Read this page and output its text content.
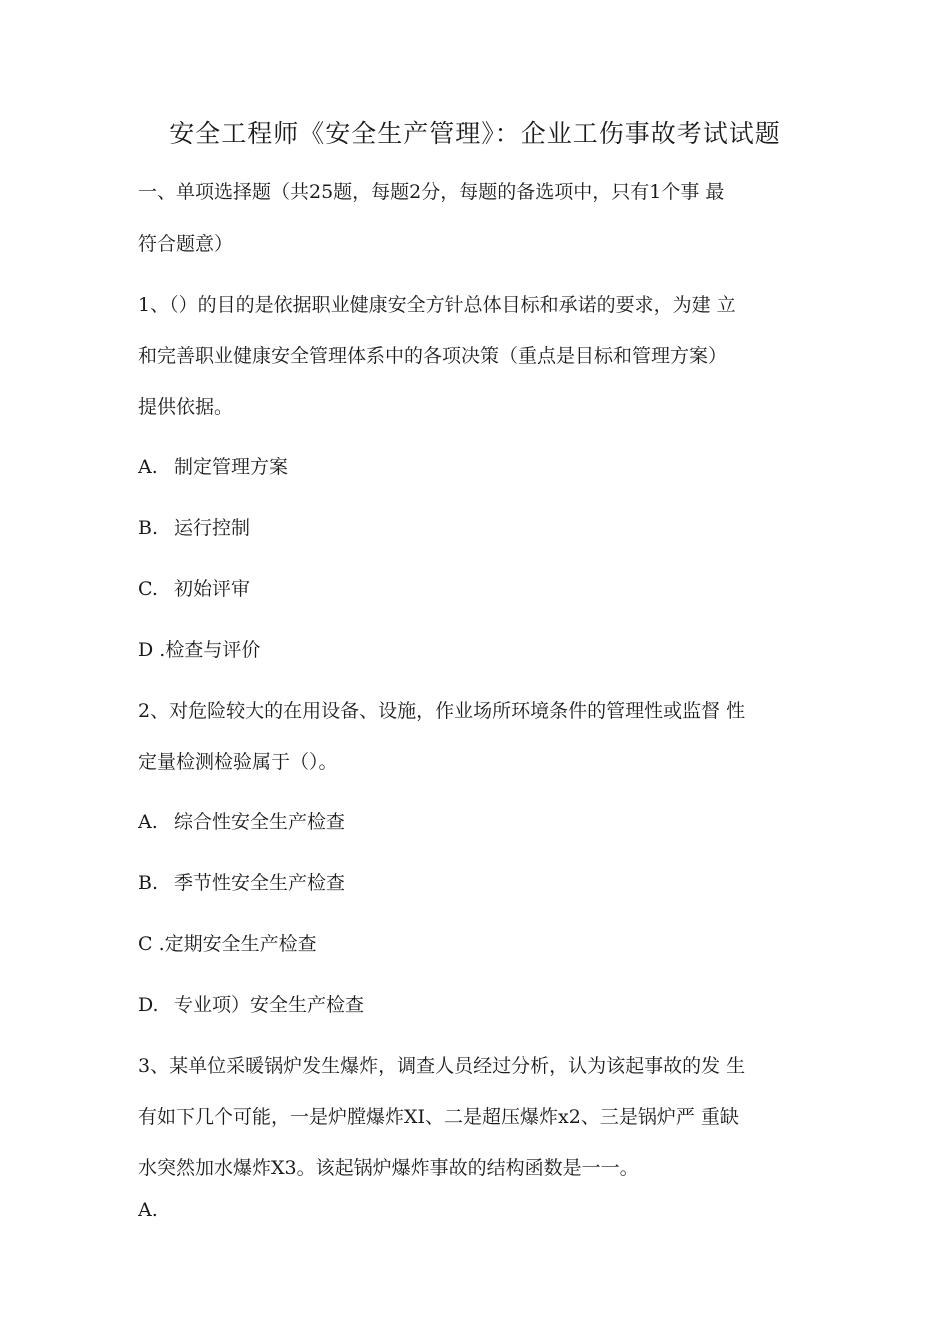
安全工程师《安全生产管理》：企业工伤事故考试试题
一、单项选择题（共25题，每题2分，每题的备选项中，只有1个事 最
符合题意）
1、（）的目的是依据职业健康安全方针总体目标和承诺的要求，为建 立
和完善职业健康安全管理体系中的各项决策（重点是目标和管理方案）
提供依据。
A. 制定管理方案
B. 运行控制
C. 初始评审
D .检查与评价
2、对危险较大的在用设备、设施，作业场所环境条件的管理性或监督 性
定量检测检验属于（）。
A. 综合性安全生产检查
B. 季节性安全生产检查
C .定期安全生产检查
D. 专业项）安全生产检查
3、某单位采暖锅炉发生爆炸，调查人员经过分析，认为该起事故的发 生
有如下几个可能，一是炉膛爆炸XI、二是超压爆炸x2、三是锅炉严 重缺
水突然加水爆炸X3。该起锅炉爆炸事故的结构函数是一一。
A.
